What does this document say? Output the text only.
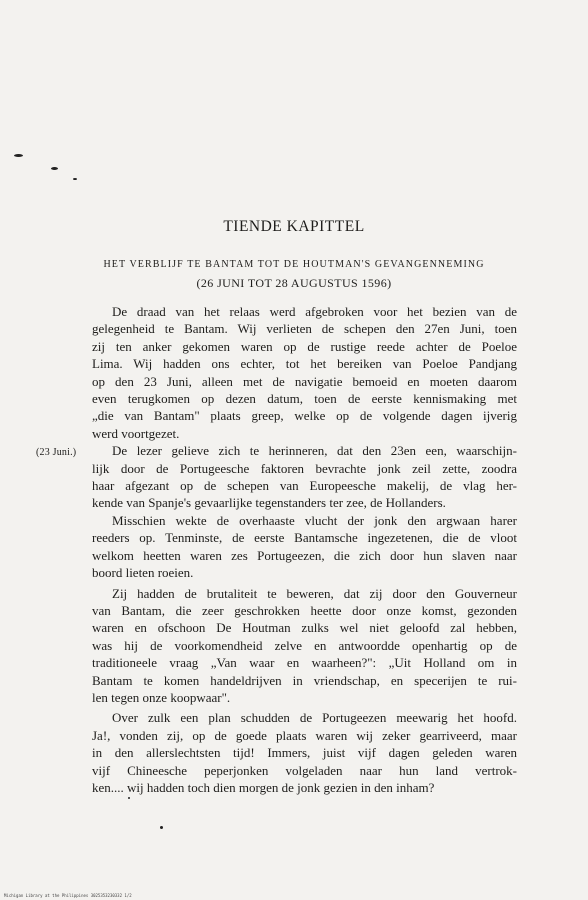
TIENDE KAPITTEL
HET VERBLIJF TE BANTAM TOT DE HOUTMAN'S GEVANGENNEMING
(26 JUNI TOT 28 AUGUSTUS 1596)
(23 Juni.)
De draad van het relaas werd afgebroken voor het bezien van de
gelegenheid te Bantam. Wij verlieten de schepen den 27en Juni, toen
zij ten anker gekomen waren op de rustige reede achter de Poeloe
Lima. Wij hadden ons echter, tot het bereiken van Poeloe Pandjang
op den 23 Juni, alleen met de navigatie bemoeid en moeten daarom
even terugkomen op dezen datum, toen de eerste kennismaking met
„die van Bantam" plaats greep, welke op de volgende dagen ijverig
werd voortgezet.
De lezer gelieve zich te herinneren, dat den 23en een, waarschijn-
lijk door de Portugeesche faktoren bevrachte jonk zeil zette, zoodra
haar afgezant op de schepen van Europeesche makelij, de vlag her-
kende van Spanje's gevaarlijke tegenstanders ter zee, de Hollanders.
Misschien wekte de overhaaste vlucht der jonk den argwaan harer
reeders op. Tenminste, de eerste Bantamsche ingezetenen, die de vloot
welkom heetten waren zes Portugeezen, die zich door hun slaven naar
boord lieten roeien.
Zij hadden de brutaliteit te beweren, dat zij door den Gouverneur
van Bantam, die zeer geschrokken heette door onze komst, gezonden
waren en ofschoon De Houtman zulks wel niet geloofd zal hebben,
was hij de voorkomendheid zelve en antwoordde openhartig op de
traditioneele vraag „Van waar en waarheen?": „Uit Holland om in
Bantam te komen handeldrijven in vriendschap, en specerijen te rui-
len tegen onze koopwaar".
Over zulk een plan schudden de Portugeezen meewarig het hoofd.
Ja!, vonden zij, op de goede plaats waren wij zeker gearriveerd, maar
in den allerslechtsten tijd! Immers, juist vijf dagen geleden waren
vijf Chineesche peperjonken volgeladen naar hun land vertrok-
ken.... wij hadden toch dien morgen de jonk gezien in den inham?
Michigan Library at the Philippines 3025353230332 1/2
